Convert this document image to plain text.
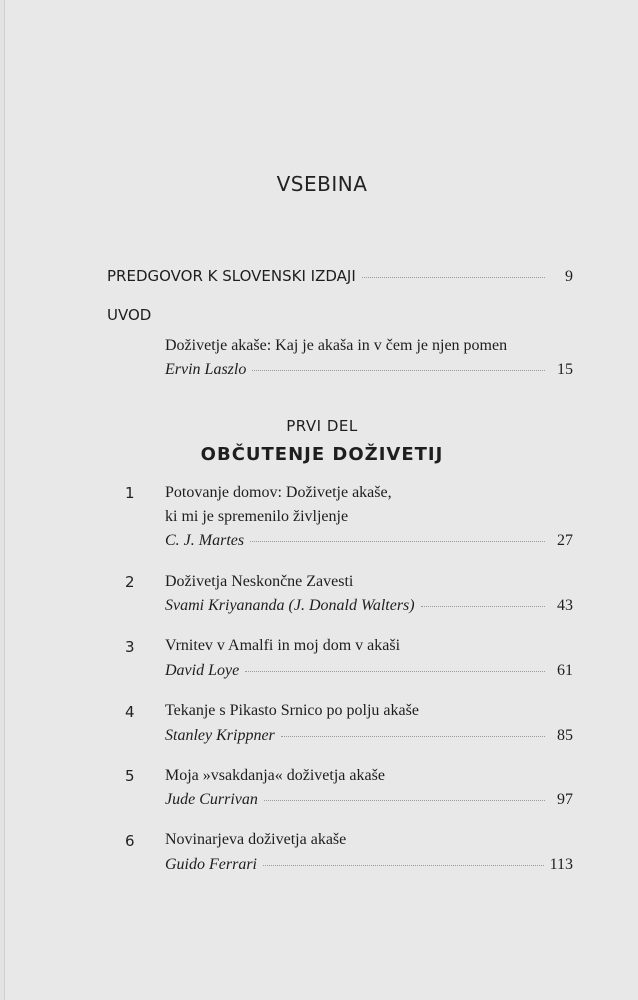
VSEBINA
PREDGOVOR K SLOVENSKI IZDAJI	9
UVOD
Doživetje akaše: Kaj je akaša in v čem je njen pomen
Ervin Laszlo	15
PRVI DEL
OBČUTENJE DOŽIVETIJ
1	Potovanje domov: Doživetje akaše,
ki mi je spremenilo življenje
C. J. Martes	27
2	Doživetja Neskončne Zavesti
Svami Kriyananda (J. Donald Walters)	43
3	Vrnitev v Amalfi in moj dom v akaši
David Loye	61
4	Tekanje s Pikasto Srnico po polju akaše
Stanley Krippner	85
5	Moja »vsakdanja« doživetja akaše
Jude Currivan	97
6	Novinarjeva doživetja akaše
Guido Ferrari	113
